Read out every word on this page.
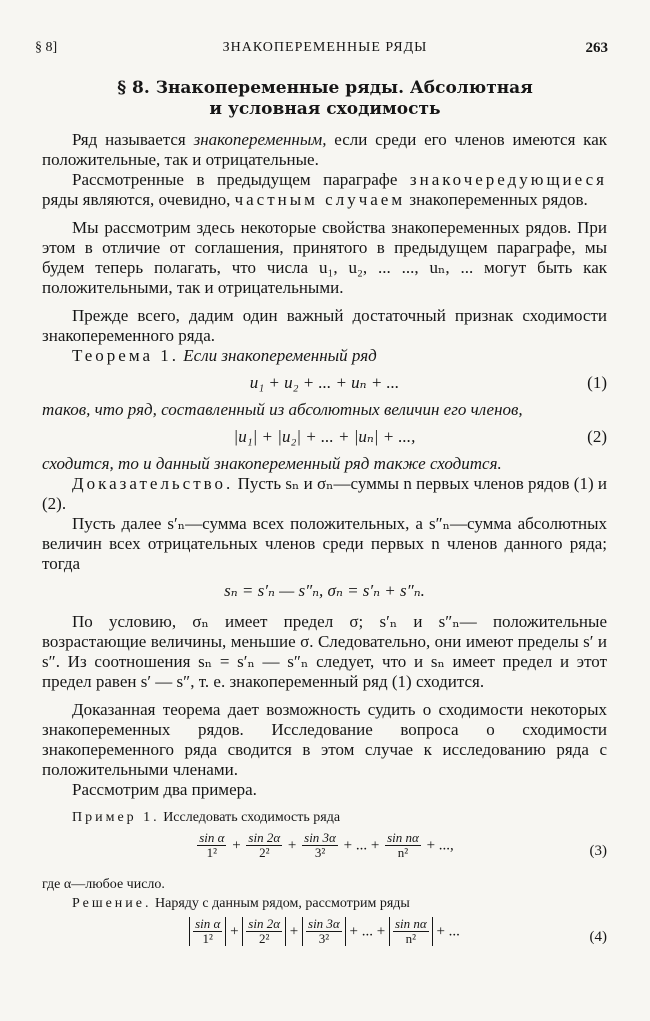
§ 8]	ЗНАКОПЕРЕМЕННЫЕ РЯДЫ	263
§ 8. Знакопеременные ряды. Абсолютная
и условная сходимость

Ряд называется знакопеременным, если среди его членов имеются как положительные, так и отрицательные.

Рассмотренные в предыдущем параграфе знакочередующиеся ряды являются, очевидно, частным случаем знакопеременных рядов.

Мы рассмотрим здесь некоторые свойства знакопеременных рядов. При этом в отличие от соглашения, принятого в предыдущем параграфе, мы будем теперь полагать, что числа u₁, u₂, ... ..., uₙ, ... могут быть как положительными, так и отрицательными.

Прежде всего, дадим один важный достаточный признак сходимости знакопеременного ряда.

Теорема 1. Если знакопеременный ряд

u₁ + u₂ + ... + uₙ + ...	(1)

таков, что ряд, составленный из абсолютных величин его членов,

|u₁| + |u₂| + ... + |uₙ| + ...,	(2)

сходится, то и данный знакопеременный ряд также сходится.

Доказательство. Пусть sₙ и σₙ—суммы n первых членов рядов (1) и (2).

Пусть далее s′ₙ—сумма всех положительных, а s″ₙ—сумма абсолютных величин всех отрицательных членов среди первых n членов данного ряда; тогда

sₙ = s′ₙ — s″ₙ, σₙ = s′ₙ + s″ₙ.

По условию, σₙ имеет предел σ; s′ₙ и s″ₙ— положительные возрастающие величины, меньшие σ. Следовательно, они имеют пределы s′ и s″. Из соотношения sₙ = s′ₙ — s″ₙ следует, что и sₙ имеет предел и этот предел равен s′ — s″, т. е. знакопеременный ряд (1) сходится.

Доказанная теорема дает возможность судить о сходимости некоторых знакопеременных рядов. Исследование вопроса о сходимости знакопеременного ряда сводится в этом случае к исследованию ряда с положительными членами.

Рассмотрим два примера.

Пример 1. Исследовать сходимость ряда

$\frac{\text{sin α}}{\text{1²}} + \frac{\sin 2\alpha}{\text{2²}} + \frac{\sin 3\alpha}{\text{3²}}$ + ... + $\frac{\text{sin nα}}{\text{n²}}$ + ...,	(3)

где α—любое число.

Решение. Наряду с данным рядом, рассмотрим ряды

$\frac{\text{sin α}}{\text{1²}} + \frac{\sin 2\alpha}{\text{2²}} + \frac{\sin 3\alpha}{\text{3²}}$ + ... + $\frac{\text{sin nα}}{\text{n²}}$ + ...	(4)
